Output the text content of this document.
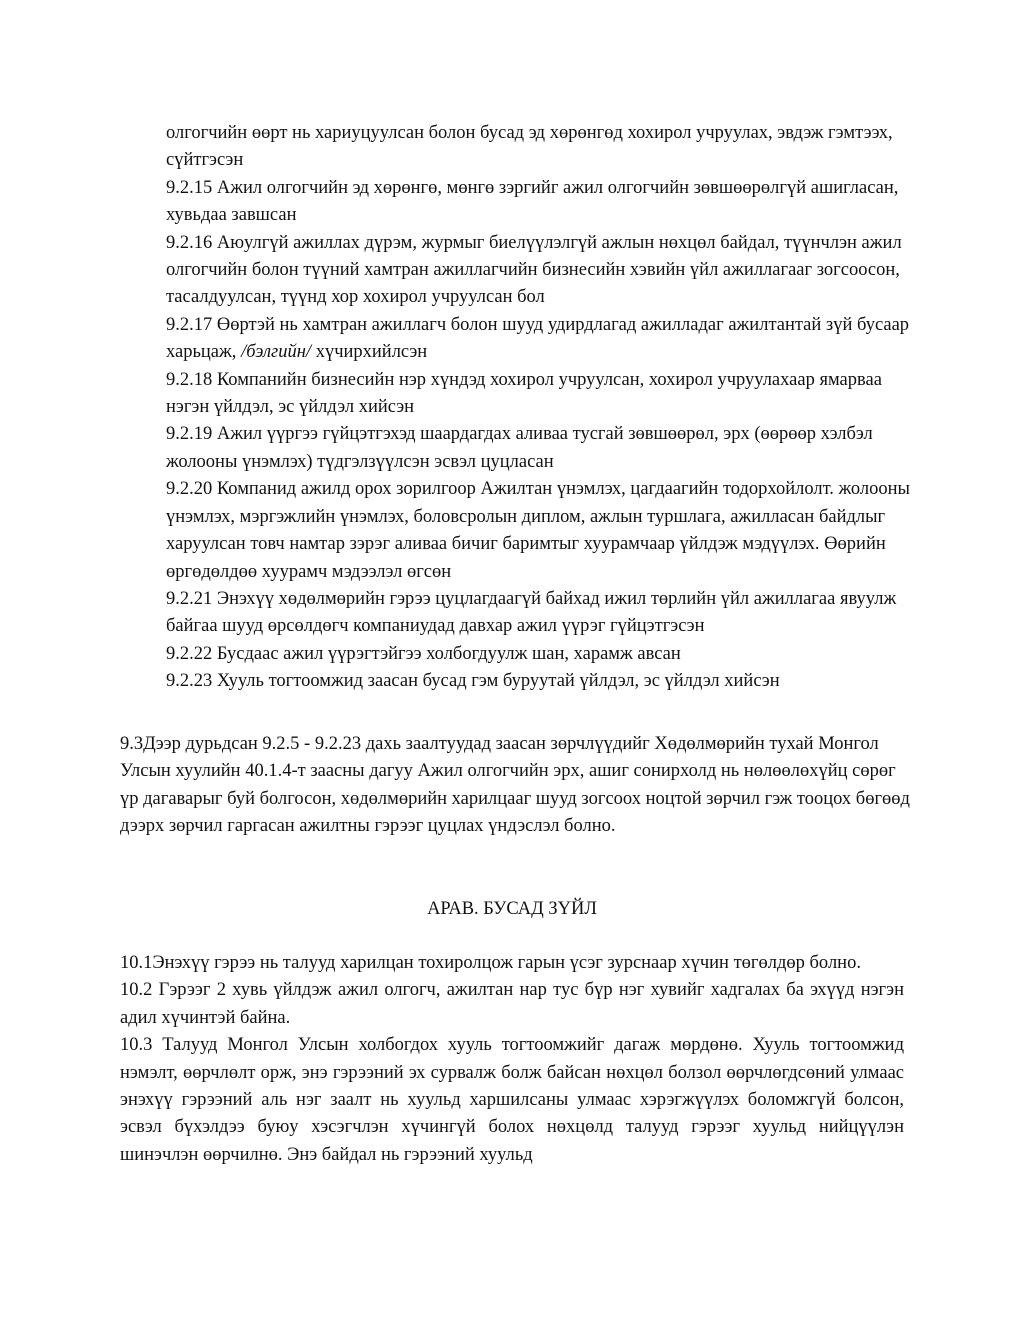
олгогчийн өөрт нь хариуцуулсан болон бусад эд хөрөнгөд хохирол учруулах, эвдэж гэмтээх, сүйтгэсэн

9.2.15 Ажил олгогчийн эд хөрөнгө, мөнгө зэргийг ажил олгогчийн зөвшөөрөлгүй ашигласан, хувьдаа завшсан

9.2.16 Аюулгүй ажиллах дүрэм, журмыг биелүүлэлгүй ажлын нөхцөл байдал, түүнчлэн ажил олгогчийн болон түүний хамтран ажиллагчийн бизнесийн хэвийн үйл ажиллагааг зогсоосон, тасалдуулсан, түүнд хор хохирол учруулсан бол

9.2.17 Өөртэй нь хамтран ажиллагч болон шууд удирдлагад ажилладаг ажилтантай зүй бусаар харьцаж, /бэлгийн/ хүчирхийлсэн

9.2.18 Компанийн бизнесийн нэр хүндэд хохирол учруулсан, хохирол учруулахаар ямарваа нэгэн үйлдэл, эс үйлдэл хийсэн

9.2.19 Ажил үүргээ гүйцэтгэхэд шаардагдах аливаа тусгай зөвшөөрөл, эрх (өөрөөр хэлбэл жолооны үнэмлэх) түдгэлзүүлсэн эсвэл цуцласан

9.2.20 Компанид ажилд орох зорилгоор Ажилтан үнэмлэх, цагдаагийн тодорхойлолт. жолооны үнэмлэх, мэргэжлийн үнэмлэх, боловсролын диплом, ажлын туршлага, ажилласан байдлыг харуулсан товч намтар зэрэг аливаа бичиг баримтыг хуурамчаар үйлдэж мэдүүлэх. Өөрийн өргөдөлдөө хуурамч мэдээлэл өгсөн

9.2.21 Энэхүү хөдөлмөрийн гэрээ цуцлагдаагүй байхад ижил төрлийн үйл ажиллагаа явуулж байгаа шууд өрсөлдөгч компаниудад давхар ажил үүрэг гүйцэтгэсэн

9.2.22 Бусдаас ажил үүрэгтэйгээ холбогдуулж шан, харамж авсан

9.2.23 Хууль тогтоомжид заасан бусад гэм буруутай үйлдэл, эс үйлдэл хийсэн

9.3Дээр дурьдсан 9.2.5 - 9.2.23 дахь заалтуудад заасан зөрчлүүдийг Хөдөлмөрийн тухай Монгол Улсын хуулийн 40.1.4-т заасны дагуу Ажил олгогчийн эрх, ашиг сонирхолд нь нөлөөлөхүйц сөрөг үр дагаварыг буй болгосон, хөдөлмөрийн харилцааг шууд зогсоох ноцтой зөрчил гэж тооцох бөгөөд дээрх зөрчил гаргасан ажилтны гэрээг цуцлах үндэслэл болно.

АРАВ. БУСАД ЗҮЙЛ

10.1Энэхүү гэрээ нь талууд харилцан тохиролцож гарын үсэг зурснаар хүчин төгөлдөр болно.

10.2 Гэрээг 2 хувь үйлдэж ажил олгогч, ажилтан нар тус бүр нэг хувийг хадгалах ба эхүүд нэгэн адил хүчинтэй байна.

10.3 Талууд Монгол Улсын холбогдох хууль тогтоомжийг дагаж мөрдөнө. Хууль тогтоомжид нэмэлт, өөрчлөлт орж, энэ гэрээний эх сурвалж болж байсан нөхцөл болзол өөрчлөгдсөний улмаас энэхүү гэрээний аль нэг заалт нь хуульд харшилсаны улмаас хэрэгжүүлэх боломжгүй болсон, эсвэл бүхэлдээ буюу хэсэгчлэн хүчингүй болох нөхцөлд талууд гэрээг хуульд нийцүүлэн шинэчлэн өөрчилнө. Энэ байдал нь гэрээний хуульд
